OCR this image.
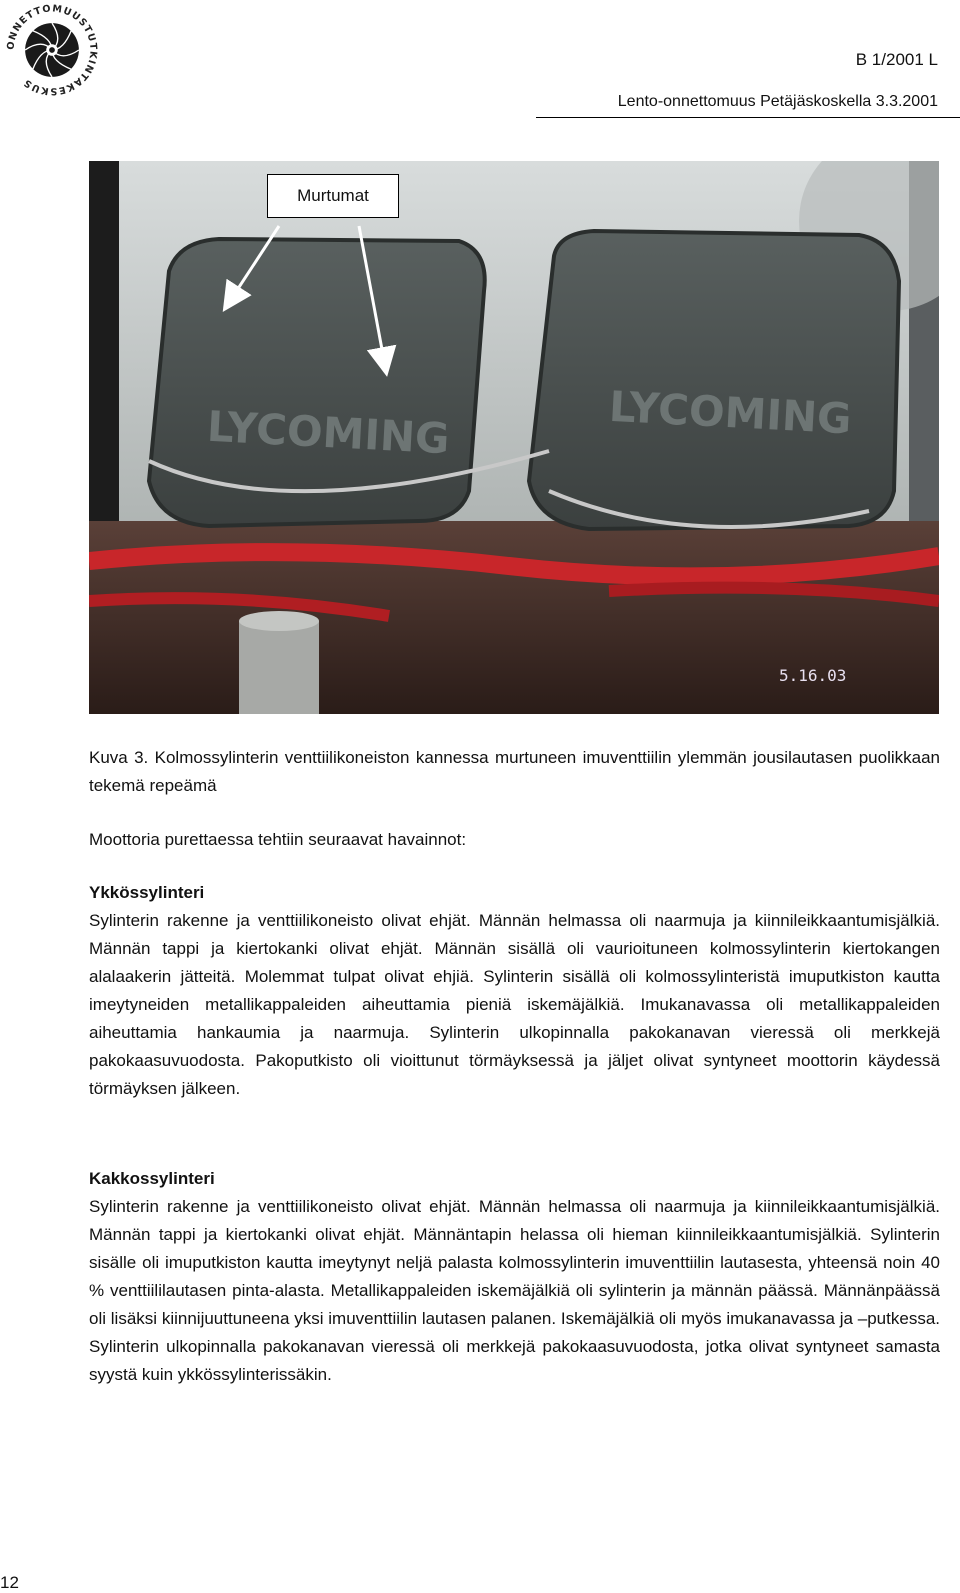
ONNETTOMUUSTUTKINTAKESKUS
B 1/2001 L
Lento-onnettomuus Petäjäskoskella 3.3.2001
LYCOMING	LYCOMING
5.16.03
Murtumat

Kuva 3. Kolmossylinterin venttiilikoneiston kannessa murtuneen imuventtiilin ylemmän jousilautasen puolikkaan tekemä repeämä

Moottoria purettaessa tehtiin seuraavat havainnot:

Ykkössylinteri

Sylinterin rakenne ja venttiilikoneisto olivat ehjät. Männän helmassa oli naarmuja ja kiinnileikkaantumisjälkiä. Männän tappi ja kiertokanki olivat ehjät. Männän sisällä oli vaurioituneen kolmossylinterin kiertokangen alalaakerin jätteitä. Molemmat tulpat olivat ehjiä. Sylinterin sisällä oli kolmossylinteristä imuputkiston kautta imeytyneiden metallikappaleiden aiheuttamia pieniä iskemäjälkiä. Imukanavassa oli metallikappaleiden aiheuttamia hankaumia ja naarmuja. Sylinterin ulkopinnalla pakokanavan vieressä oli merkkejä pakokaasuvuodosta. Pakoputkisto oli vioittunut törmäyksessä ja jäljet olivat syntyneet moottorin käydessä törmäyksen jälkeen.

Kakkossylinteri

Sylinterin rakenne ja venttiilikoneisto olivat ehjät. Männän helmassa oli naarmuja ja kiinnileikkaantumisjälkiä. Männän tappi ja kiertokanki olivat ehjät. Männäntapin helassa oli hieman kiinnileikkaantumisjälkiä. Sylinterin sisälle oli imuputkiston kautta imeytynyt neljä palasta kolmossylinterin imuventtiilin lautasesta, yhteensä noin 40 % venttiililautasen pinta-alasta. Metallikappaleiden iskemäjälkiä oli sylinterin ja männän päässä. Männänpäässä oli lisäksi kiinnijuuttuneena yksi imuventtiilin lautasen palanen. Iskemäjälkiä oli myös imukanavassa ja –putkessa. Sylinterin ulkopinnalla pakokanavan vieressä oli merkkejä pakokaasuvuodosta, jotka olivat syntyneet samasta syystä kuin ykkössylinterissäkin.

12
